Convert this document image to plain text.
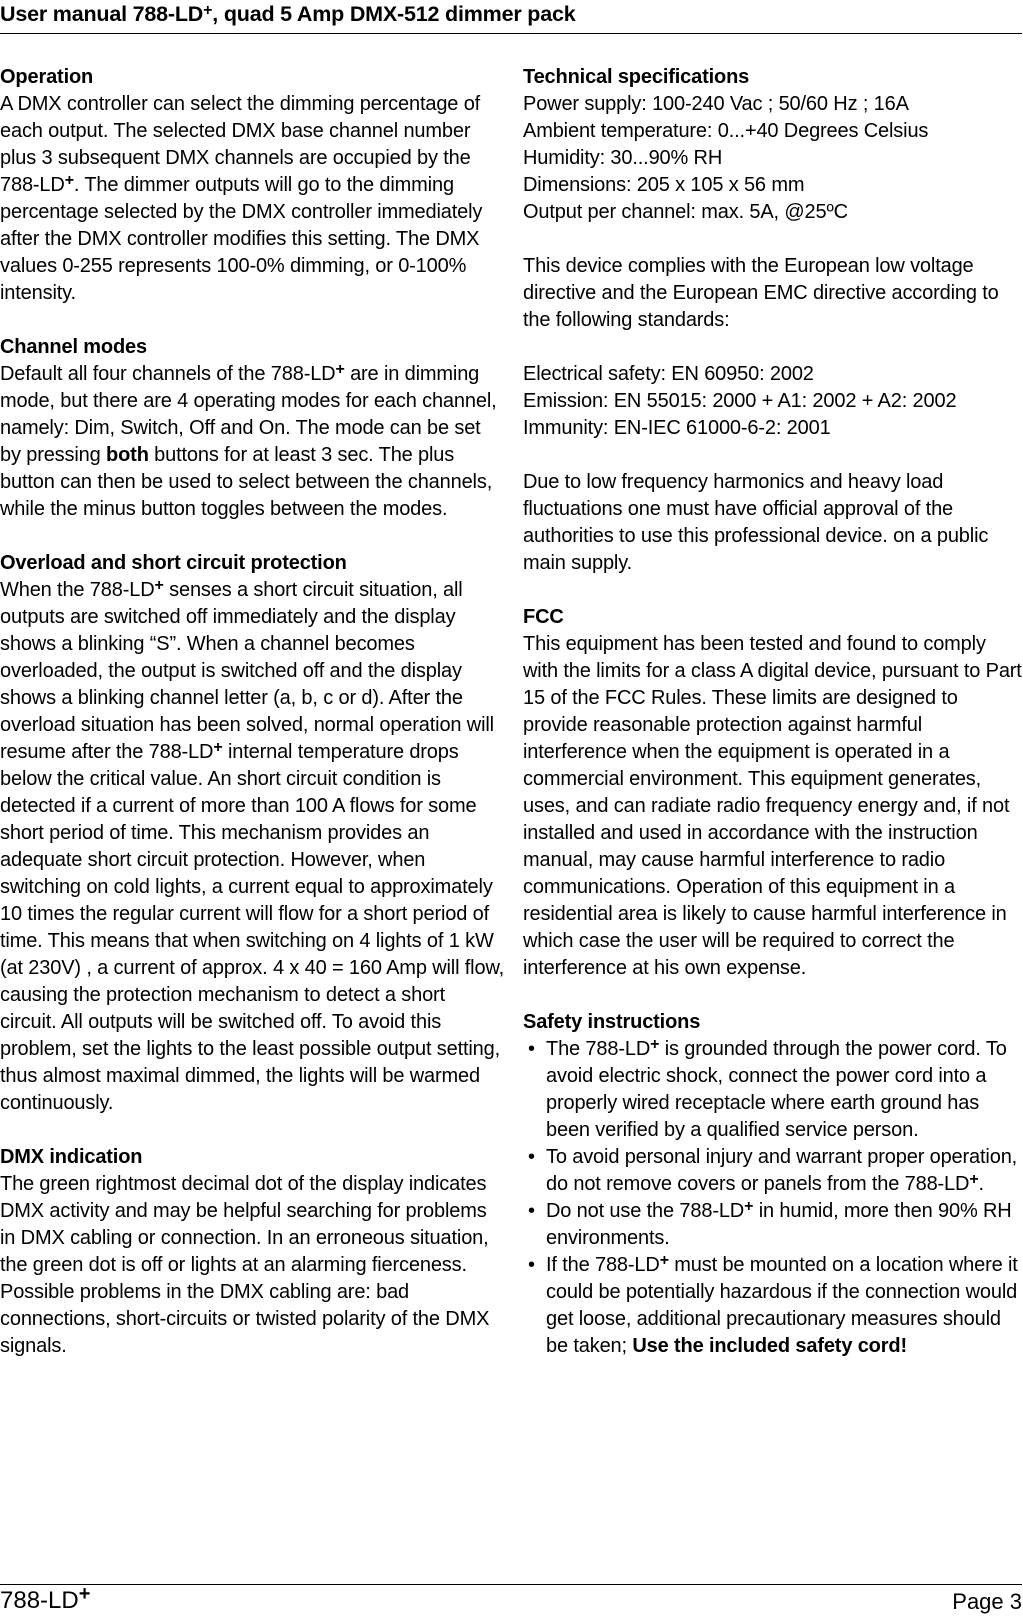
User manual 788-LD+, quad 5 Amp DMX-512 dimmer pack

Operation

A DMX controller can select the dimming percentage of each output. The selected DMX base channel number plus 3 subsequent DMX channels are occupied by the 788-LD+. The dimmer outputs will go to the dimming percentage selected by the DMX controller immediately after the DMX controller modifies this setting. The DMX values 0-255 represents 100-0% dimming, or 0-100% intensity.

Channel modes

Default all four channels of the 788-LD+ are in dimming mode, but there are 4 operating modes for each channel, namely: Dim, Switch, Off and On. The mode can be set by pressing both buttons for at least 3 sec. The plus button can then be used to select between the channels, while the minus button toggles between the modes.

Overload and short circuit protection

When the 788-LD+ senses a short circuit situation, all outputs are switched off immediately and the display shows a blinking “S”. When a channel becomes overloaded, the output is switched off and the display shows a blinking channel letter (a, b, c or d). After the overload situation has been solved, normal operation will resume after the 788-LD+ internal temperature drops below the critical value. An short circuit condition is detected if a current of more than 100 A flows for some short period of time. This mechanism provides an adequate short circuit protection. However, when switching on cold lights, a current equal to approximately 10 times the regular current will flow for a short period of time. This means that when switching on 4 lights of 1 kW (at 230V) , a current of approx. 4 x 40 = 160 Amp will flow, causing the protection mechanism to detect a short circuit. All outputs will be switched off. To avoid this problem, set the lights to the least possible output setting, thus almost maximal dimmed, the lights will be warmed continuously.

DMX indication

The green rightmost decimal dot of the display indicates DMX activity and may be helpful searching for problems in DMX cabling or connection. In an erroneous situation, the green dot is off or lights at an alarming fierceness. Possible problems in the DMX cabling are: bad connections, short-circuits or twisted polarity of the DMX signals.

Technical specifications

Power supply: 100-240 Vac ; 50/60 Hz ; 16A

Ambient temperature: 0...+40 Degrees Celsius

Humidity: 30...90% RH

Dimensions: 205 x 105 x 56 mm

Output per channel: max. 5A, @25ºC

This device complies with the European low voltage directive and the European EMC directive according to the following standards:

Electrical safety: EN 60950: 2002

Emission: EN 55015: 2000 + A1: 2002 + A2: 2002

Immunity: EN-IEC 61000-6-2: 2001

Due to low frequency harmonics and heavy load fluctuations one must have official approval of the authorities to use this professional device. on a public main supply.

FCC

This equipment has been tested and found to comply with the limits for a class A digital device, pursuant to Part 15 of the FCC Rules. These limits are designed to provide reasonable protection against harmful interference when the equipment is operated in a commercial environment. This equipment generates, uses, and can radiate radio frequency energy and, if not installed and used in accordance with the instruction manual, may cause harmful interference to radio communications. Operation of this equipment in a residential area is likely to cause harmful interference in which case the user will be required to correct the interference at his own expense.

Safety instructions

• The 788-LD+ is grounded through the power cord. To avoid electric shock, connect the power cord into a properly wired receptacle where earth ground has been verified by a qualified service person.
• To avoid personal injury and warrant proper operation, do not remove covers or panels from the 788-LD+.
• Do not use the 788-LD+ in humid, more then 90% RH environments.
• If the 788-LD+ must be mounted on a location where it could be potentially hazardous if the connection would get loose, additional precautionary measures should be taken; Use the included safety cord!
788-LD+	Page 3
